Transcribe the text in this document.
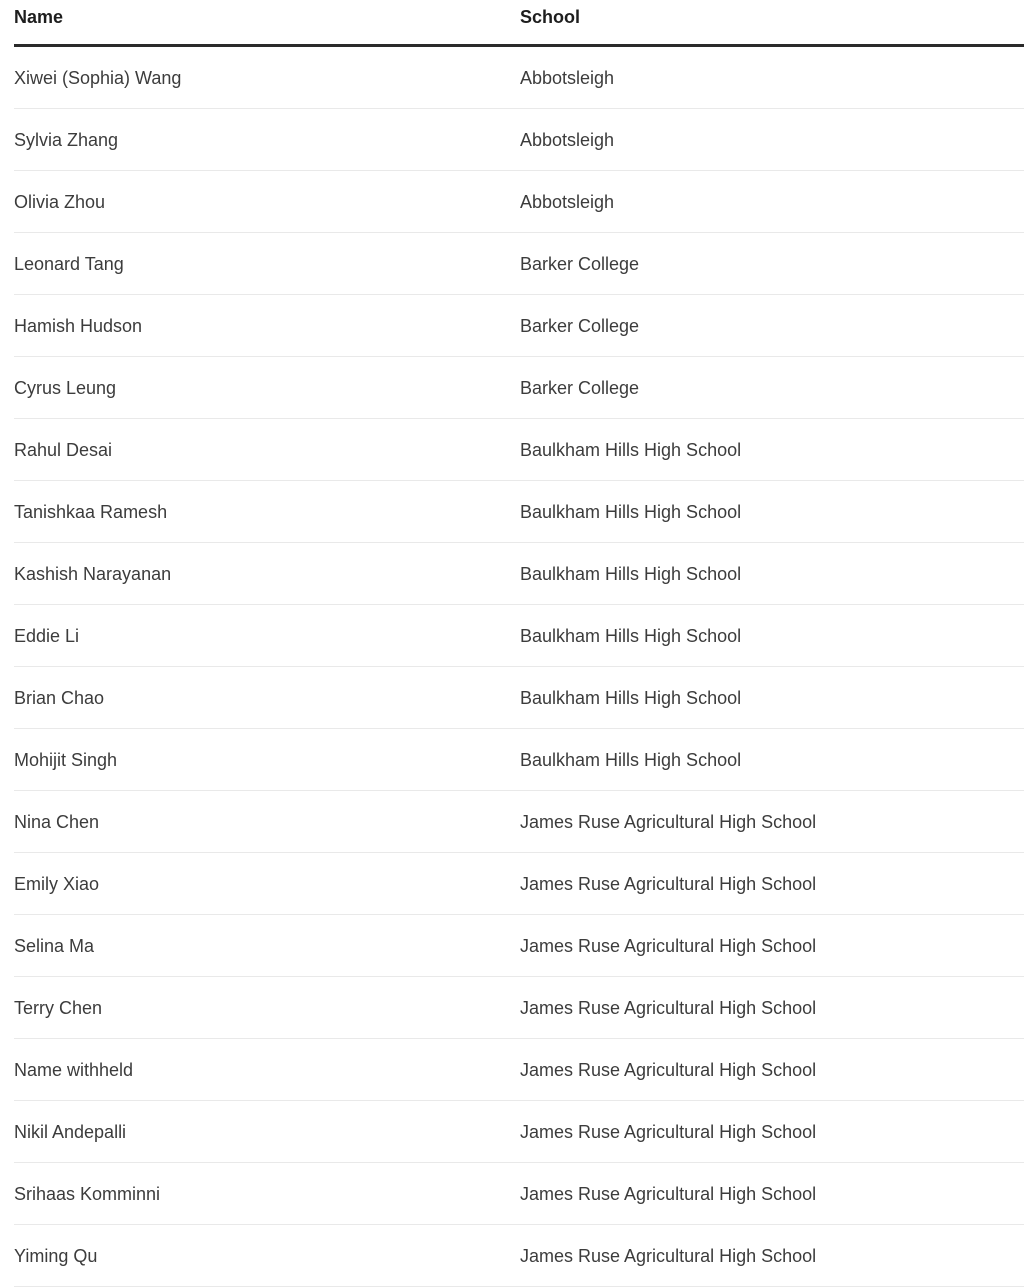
Name	School
Xiwei (Sophia) Wang	Abbotsleigh
Sylvia Zhang	Abbotsleigh
Olivia Zhou	Abbotsleigh
Leonard Tang	Barker College
Hamish Hudson	Barker College
Cyrus Leung	Barker College
Rahul Desai	Baulkham Hills High School
Tanishkaa Ramesh	Baulkham Hills High School
Kashish Narayanan	Baulkham Hills High School
Eddie Li	Baulkham Hills High School
Brian Chao	Baulkham Hills High School
Mohijit Singh	Baulkham Hills High School
Nina Chen	James Ruse Agricultural High School
Emily Xiao	James Ruse Agricultural High School
Selina Ma	James Ruse Agricultural High School
Terry Chen	James Ruse Agricultural High School
Name withheld	James Ruse Agricultural High School
Nikil Andepalli	James Ruse Agricultural High School
Srihaas Komminni	James Ruse Agricultural High School
Yiming Qu	James Ruse Agricultural High School
